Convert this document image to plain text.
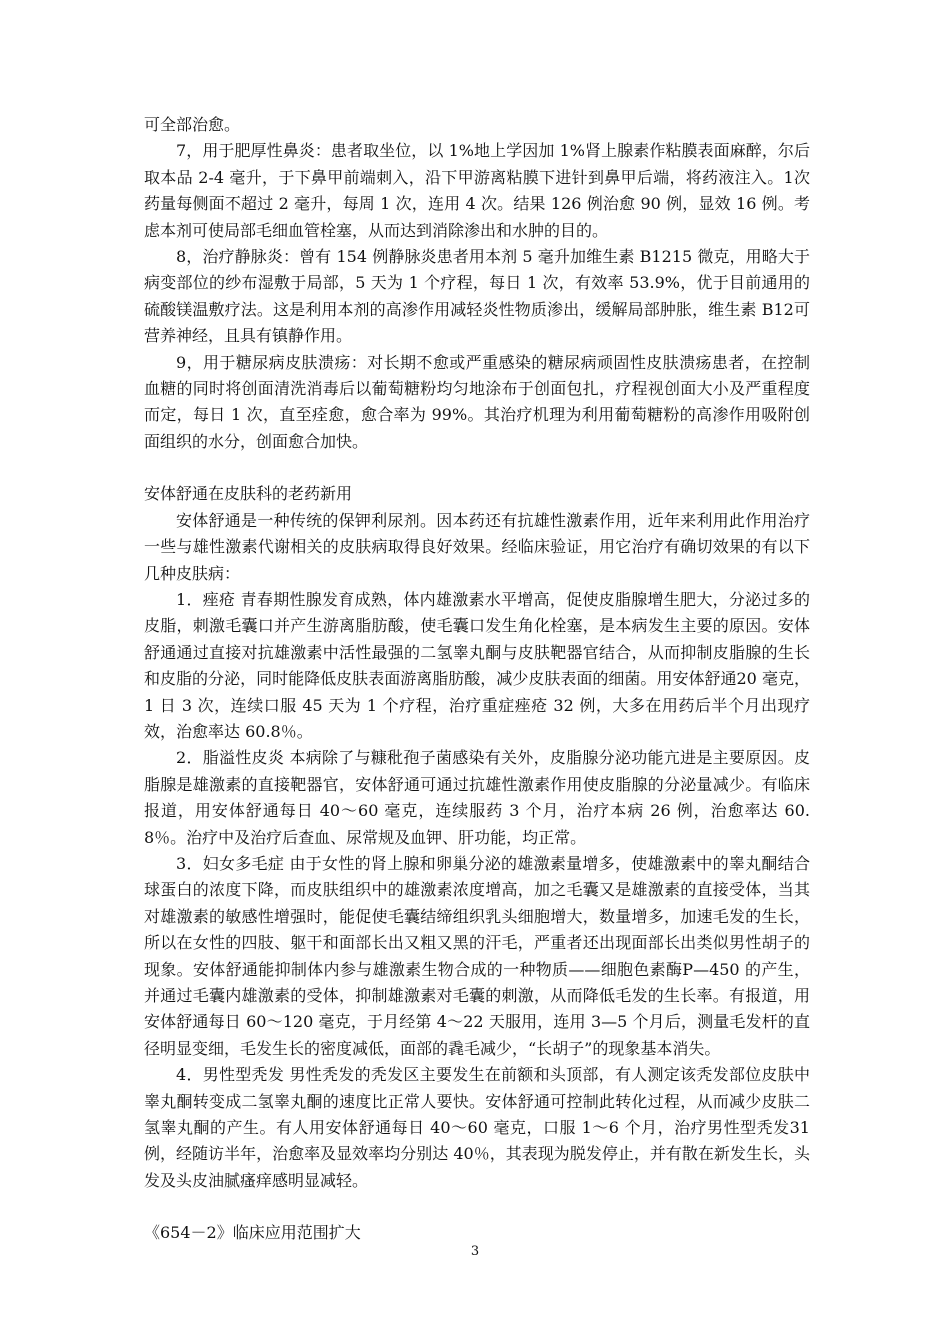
可全部治愈。

7，用于肥厚性鼻炎：患者取坐位，以 1%地上学因加 1%肾上腺素作粘膜表面麻醉，尔后取本品 2-4 毫升，于下鼻甲前端刺入，沿下甲游离粘膜下进针到鼻甲后端，将药液注入。1次药量每侧面不超过 2 毫升，每周 1 次，连用 4 次。结果 126 例治愈 90 例，显效 16 例。考虑本剂可使局部毛细血管栓塞，从而达到消除渗出和水肿的目的。

8，治疗静脉炎：曾有 154 例静脉炎患者用本剂 5 毫升加维生素 B1215 微克，用略大于病变部位的纱布湿敷于局部，5 天为 1 个疗程，每日 1 次，有效率 53.9%，优于目前通用的硫酸镁温敷疗法。这是利用本剂的高渗作用减轻炎性物质渗出，缓解局部肿胀，维生素 B12可营养神经，且具有镇静作用。

9，用于糖尿病皮肤溃疡：对长期不愈或严重感染的糖尿病顽固性皮肤溃疡患者，在控制血糖的同时将创面清洗消毒后以葡萄糖粉均匀地涂布于创面包扎，疗程视创面大小及严重程度而定，每日 1 次，直至痊愈，愈合率为 99%。其治疗机理为利用葡萄糖粉的高渗作用吸附创面组织的水分，创面愈合加快。

安体舒通在皮肤科的老药新用

安体舒通是一种传统的保钾利尿剂。因本药还有抗雄性激素作用，近年来利用此作用治疗一些与雄性激素代谢相关的皮肤病取得良好效果。经临床验证，用它治疗有确切效果的有以下几种皮肤病：

1．痤疮 青春期性腺发育成熟，体内雄激素水平增高，促使皮脂腺增生肥大，分泌过多的皮脂，刺激毛囊口并产生游离脂肪酸，使毛囊口发生角化栓塞，是本病发生主要的原因。安体舒通通过直接对抗雄激素中活性最强的二氢睾丸酮与皮肤靶器官结合，从而抑制皮脂腺的生长和皮脂的分泌，同时能降低皮肤表面游离脂肪酸，减少皮肤表面的细菌。用安体舒通20 毫克，1 日 3 次，连续口服 45 天为 1 个疗程，治疗重症痤疮 32 例，大多在用药后半个月出现疗效，治愈率达 60.8％。

2．脂溢性皮炎 本病除了与糠秕孢子菌感染有关外，皮脂腺分泌功能亢进是主要原因。皮脂腺是雄激素的直接靶器官，安体舒通可通过抗雄性激素作用使皮脂腺的分泌量减少。有临床报道，用安体舒通每日 40～60 毫克，连续服药 3 个月，治疗本病 26 例，治愈率达 60.8％。治疗中及治疗后查血、尿常规及血钾、肝功能，均正常。

3．妇女多毛症 由于女性的肾上腺和卵巢分泌的雄激素量增多，使雄激素中的睾丸酮结合球蛋白的浓度下降，而皮肤组织中的雄激素浓度增高，加之毛囊又是雄激素的直接受体，当其对雄激素的敏感性增强时，能促使毛囊结缔组织乳头细胞增大，数量增多，加速毛发的生长，所以在女性的四肢、躯干和面部长出又粗又黑的汗毛，严重者还出现面部长出类似男性胡子的现象。安体舒通能抑制体内参与雄激素生物合成的一种物质——细胞色素酶P—450 的产生，并通过毛囊内雄激素的受体，抑制雄激素对毛囊的刺激，从而降低毛发的生长率。有报道，用安体舒通每日 60～120 毫克，于月经第 4～22 天服用，连用 3—5 个月后，测量毛发杆的直径明显变细，毛发生长的密度减低，面部的毳毛减少，“长胡子”的现象基本消失。

4．男性型秃发 男性秃发的秃发区主要发生在前额和头顶部，有人测定该秃发部位皮肤中睾丸酮转变成二氢睾丸酮的速度比正常人要快。安体舒通可控制此转化过程，从而减少皮肤二氢睾丸酮的产生。有人用安体舒通每日 40～60 毫克，口服 1～6 个月，治疗男性型秃发31 例，经随访半年，治愈率及显效率均分别达 40％，其表现为脱发停止，并有散在新发生长，头发及头皮油腻瘙痒感明显减轻。

《654－2》临床应用范围扩大

3
